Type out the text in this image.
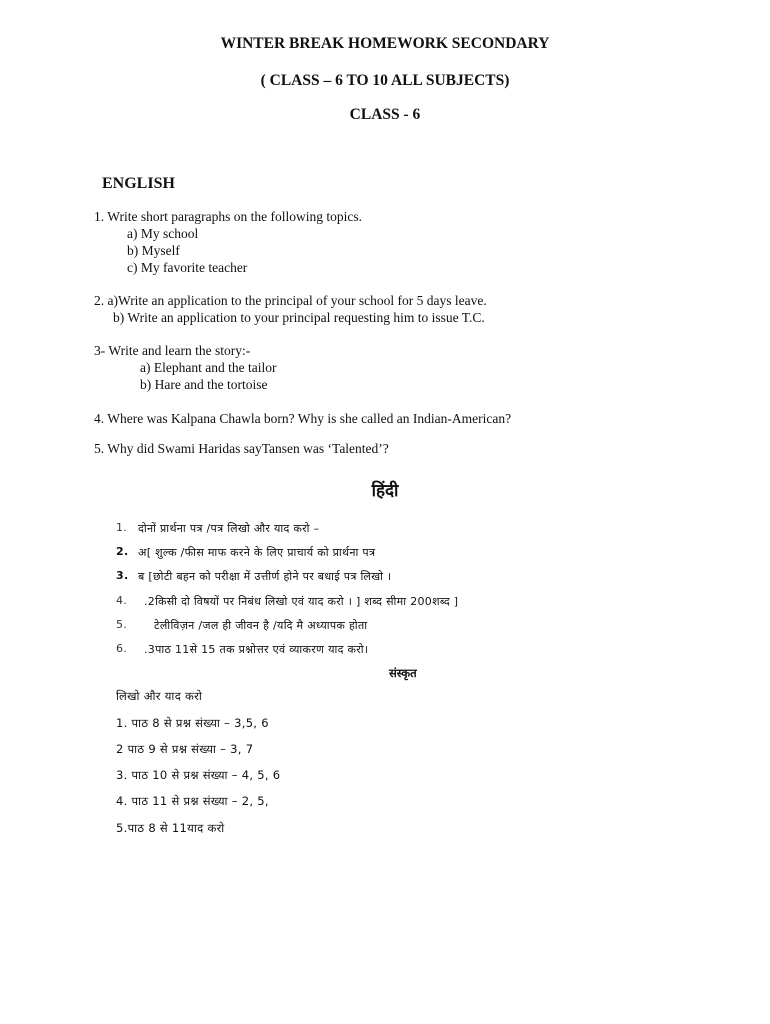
WINTER BREAK HOMEWORK SECONDARY
( CLASS – 6 TO 10 ALL SUBJECTS)
CLASS - 6
ENGLISH
1. Write short paragraphs on the following topics.
a) My school
b) Myself
c) My favorite teacher
2. a)Write an application to the principal of your school for 5 days leave.
b) Write an application to your principal requesting him to issue T.C.
3- Write and learn the story:-
a) Elephant and the tailor
b) Hare and the tortoise
4. Where was Kalpana Chawla born? Why is she called an Indian-American?
5. Why did Swami Haridas sayTansen was ‘Talented’?
हिंदी
1. दोनों प्रार्थना पत्र /पत्र लिखो और याद करो –
2. अ[ शुल्क /फीस माफ करने के लिए प्राचार्य को प्रार्थना पत्र
3. ब [छोटी बहन को परीक्षा में उत्तीर्ण होने पर बधाई पत्र लिखो ।
4. .2किसी दो विषयों पर निबंध लिखो एवं याद करो । ] शब्द सीमा 200शब्द ]
5. टेलीविज़न /जल ही जीवन है /यदि मै अध्यापक होता
6. .3पाठ 11से 15 तक प्रश्नोत्तर एवं व्याकरण याद करो।
संस्कृत
लिखो और याद करो
1. पाठ 8 से प्रश्न संख्या – 3,5, 6
2 पाठ 9 से प्रश्न संख्या – 3, 7
3. पाठ 10 से प्रश्न संख्या – 4, 5, 6
4. पाठ 11 से प्रश्न संख्या – 2, 5,
5.पाठ 8 से 11याद करो
